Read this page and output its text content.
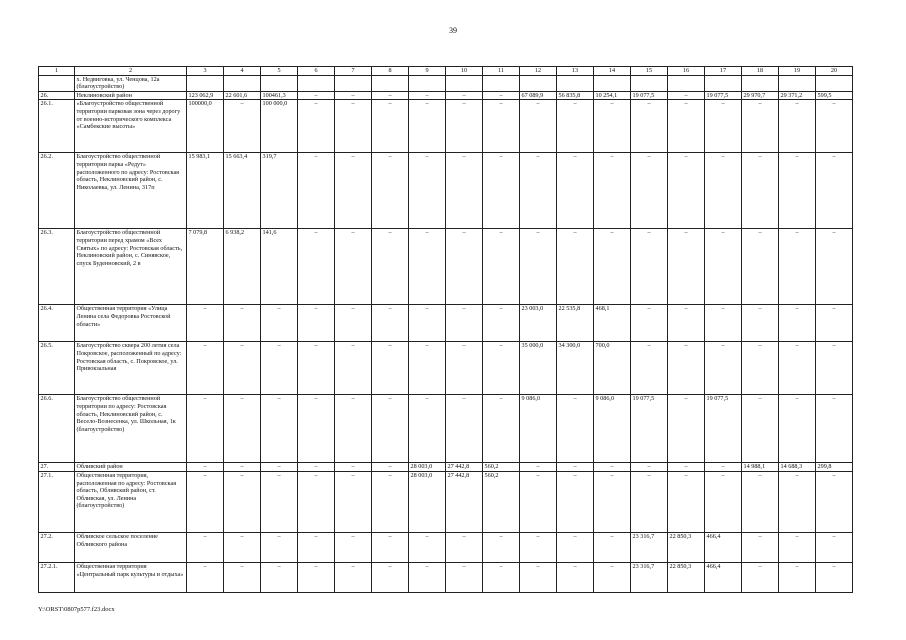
39
1	2	3	4	5	6	7	8	9	10	11	12	13	14	15	16	17	18	19	20
	х. Недвиговка, ул. Ченцова, 12а (благоустройство)																		
26.	Неклиновский район	123 062,9	22 601,6	100461,3	–	–	–	–	–	–	67 089,9	56 835,8	10 254,1	19 077,5	–	19 077,5	29 970,7	29 371,2	599,5
26.1.	«Благоустройство общественной территории парковая зона через дорогу от военно-исторического комплекса «Самбекские высоты»	100000,0	–	100 000,0	–	–	–	–	–	–	–	–	–	–	–	–	–	–	–
26.2.	Благоустройство общественной территории парка «Редут» расположенного по адресу: Ростовская область, Неклиновский район, с. Николаевка, ул. Ленина, 317п	15 983,1	15 663,4	319,7	–	–	–	–	–	–	–	–	–	–	–	–	–	–	–
26.3.	Благоустройство общественной территории перед храмом «Всех Святых» по адресу: Ростовская область, Неклиновский район, с. Синявское, спуск Буденновский, 2 в	7 079,8	6 938,2	141,6	–	–	–	–	–	–	–	–	–	–	–	–	–	–	–
26.4.	Общественная территория «Улица Ленина села Федоровка Ростовской области»	–	–	–	–	–	–	–	–	–	23 003,0	22 535,8	468,1	–	–	–	–	–	–
26.5.	Благоустройство сквера 200 летия села Покровское, расположенный по адресу: Ростовская область, с. Покровское, ул. Привокзальная	–	–	–	–	–	–	–	–	–	35 000,0	34 300,0	700,0	–	–	–	–	–	–
26.6.	Благоустройство общественной территории по адресу: Ростовская область, Неклиновский район, с. Весело-Вознесенка, ул. Школьная, 1к (благоустройство)	–	–	–	–	–	–	–	–	–	9 086,0	–	9 086,0	19 077,5	–	19 077,5	–	–	–
27.	Обливский район	–	–	–	–	–	–	28 003,0	27 442,8	560,2	–	–	–	–	–	–	14 988,1	14 688,3	299,8
27.1.	Общественная территория, расположенная по адресу: Ростовская область, Обливский район, ст. Обливская, ул. Ленина (благоустройство)	–	–	–	–	–	–	28 003,0	27 442,8	560,2	–	–	–	–	–	–	–	–	–
27.2.	Обливское сельское поселение Обливского района	–	–	–	–	–	–	–	–	–	–	–	–	23 316,7	22 850,3	466,4	–	–	–
27.2.1.	Общественная территория «Центральный парк культуры и отдыха»	–	–	–	–	–	–	–	–	–	–	–	–	23 316,7	22 850,3	466,4	–	–	–
Y:\ORST\0807p577.f23.docx
